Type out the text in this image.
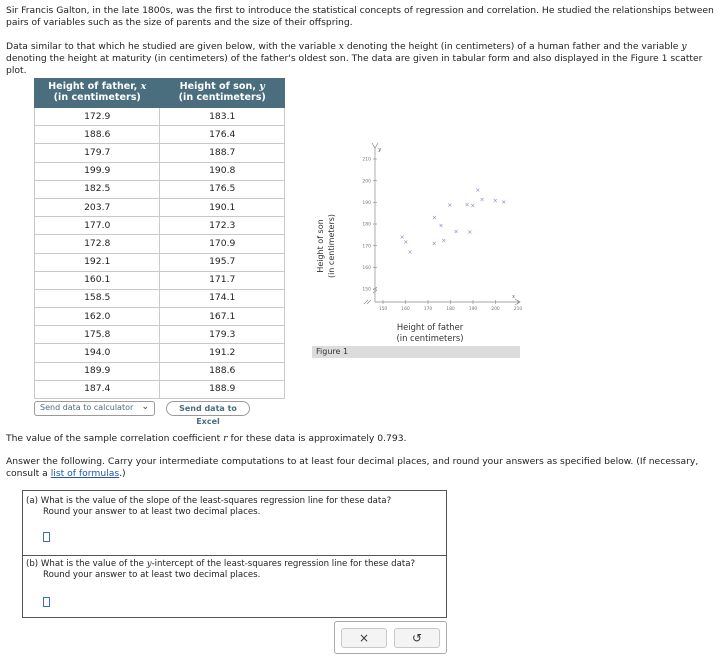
Sir Francis Galton, in the late 1800s, was the first to introduce the statistical concepts of regression and correlation. He studied the relationships between pairs of variables such as the size of parents and the size of their offspring.

Data similar to that which he studied are given below, with the variable x denoting the height (in centimeters) of a human father and the variable y denoting the height at maturity (in centimeters) of the father's oldest son. The data are given in tabular form and also displayed in the Figure 1 scatter plot.

Height of father, x
(in centimeters)	Height of son, y
(in centimeters)
172.9	183.1
188.6	176.4
179.7	188.7
199.9	190.8
182.5	176.5
203.7	190.1
177.0	172.3
172.8	170.9
192.1	195.7
160.1	171.7
158.5	174.1
162.0	167.1
175.8	179.3
194.0	191.2
189.9	188.6
187.4	188.9
Send data to calculator ⌄	Send data to Excel
y
x
150	160	170	180	190	200	210
150
160
170
180
190
200
210
×
×
×
×
×
×
×
×
×
×
×
×
×
×
×
×
Height of son (in centimeters)
Height of father
(in centimeters)
Figure 1

The value of the sample correlation coefficient r for these data is approximately 0.793.

Answer the following. Carry your intermediate computations to at least four decimal places, and round your answers as specified below. (If necessary, consult a list of formulas.)

(a) What is the value of the slope of the least-squares regression line for these data?
Round your answer to at least two decimal places.
(b) What is the value of the y-intercept of the least-squares regression line for these data?
Round your answer to at least two decimal places.
×	↺
